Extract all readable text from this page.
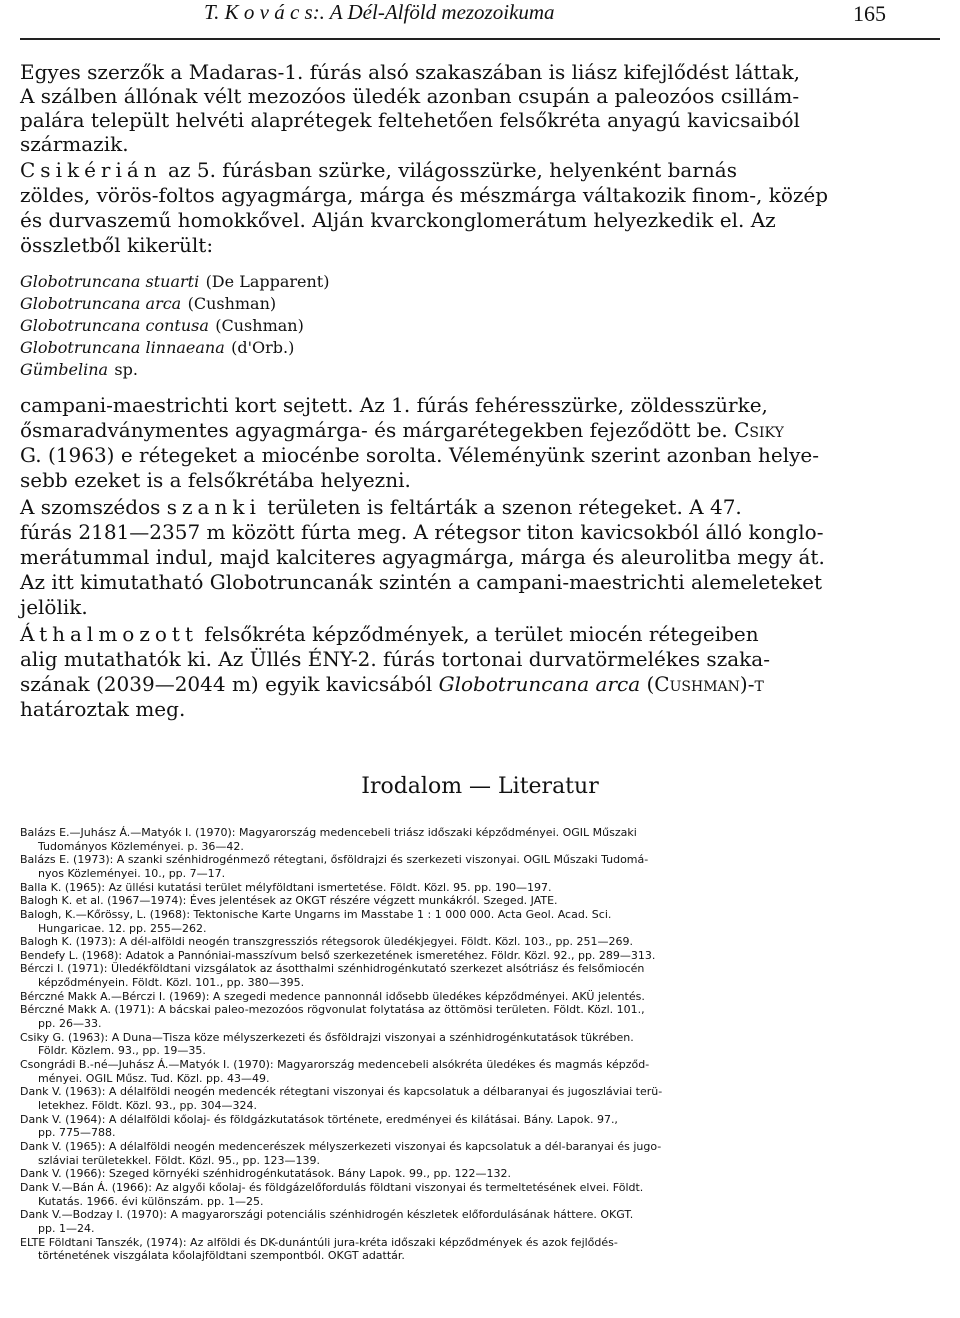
T. K o v á c s:. A Dél-Alföld mezozoikuma	165
Egyes szerzők a Madaras-1. fúrás alsó szakaszában is liász kifejlődést láttak,
A szálben állónak vélt mezozóos üledék azonban csupán a paleozóos csillám-
palára települt helvéti alaprétegek feltehetően felsőkréta anyagú kavicsaiból
származik.
Csikérián az 5. fúrásban szürke, világosszürke, helyenként barnás
zöldes, vörös-foltos agyagmárga, márga és mészmárga váltakozik finom-, közép
és durvaszemű homokkővel. Alján kvarckonglomerátum helyezkedik el. Az
összletből kikerült:
Globotruncana stuarti (De Lapparent)
Globotruncana arca (Cushman)
Globotruncana contusa (Cushman)
Globotruncana linnaeana (d'Orb.)
Gümbelina sp.
campani-maestrichti kort sejtett. Az 1. fúrás fehéresszürke, zöldesszürke,
ősmaradványmentes agyagmárga- és márgarétegekben fejeződött be. Csiky
G. (1963) e rétegeket a miocénbe sorolta. Véleményünk szerint azonban helye-
sebb ezeket is a felsőkrétába helyezni.
A szomszédos szanki területen is feltárták a szenon rétegeket. A 47.
fúrás 2181—2357 m között fúrta meg. A rétegsor titon kavicsokból álló konglo-
merátummal indul, majd kalciteres agyagmárga, márga és aleurolitba megy át.
Az itt kimutatható Globotruncanák szintén a campani-maestrichti alemeleteket
jelölik.
Áthalmozott felsőkréta képződmények, a terület miocén rétegeiben
alig mutathatók ki. Az Üllés ÉNY-2. fúrás tortonai durvatörmelékes szaka-
szának (2039—2044 m) egyik kavicsából Globotruncana arca (Cushman)-t
határoztak meg.
Irodalom — Literatur
Balázs E.—Juhász Á.—Matyók I. (1970): Magyarország medencebeli triász időszaki képződményei. OGIL Műszaki
Tudományos Közleményei. p. 36—42.
Balázs E. (1973): A szanki szénhidrogénmező rétegtani, ősföldrajzi és szerkezeti viszonyai. OGIL Műszaki Tudomá-
nyos Közleményei. 10., pp. 7—17.
Balla K. (1965): Az üllési kutatási terület mélyföldtani ismertetése. Földt. Közl. 95. pp. 190—197.
Balogh K. et al. (1967—1974): Éves jelentések az OKGT részére végzett munkákról. Szeged. JATE.
Balogh, K.—Kőrössy, L. (1968): Tektonische Karte Ungarns im Masstabe 1 : 1 000 000. Acta Geol. Acad. Sci.
Hungaricae. 12. pp. 255—262.
Balogh K. (1973): A dél-alföldi neogén transzgressziós rétegsorok üledékjegyei. Földt. Közl. 103., pp. 251—269.
Bendefy L. (1968): Adatok a Pannóniai-masszívum belső szerkezetének ismeretéhez. Földr. Közl. 92., pp. 289—313.
Bérczi I. (1971): Üledékföldtani vizsgálatok az ásotthalmi szénhidrogénkutató szerkezet alsótriász és felsőmiocén
képződményein. Földt. Közl. 101., pp. 380—395.
Bérczné Makk A.—Bérczi I. (1969): A szegedi medence pannonnál idősebb üledékes képződményei. AKÜ jelentés.
Bérczné Makk A. (1971): A bácskai paleo-mezozóos rögvonulat folytatása az öttömösi területen. Földt. Közl. 101.,
pp. 26—33.
Csiky G. (1963): A Duna—Tisza köze mélyszerkezeti és ősföldrajzi viszonyai a szénhidrogénkutatások tükrében.
Földr. Közlem. 93., pp. 19—35.
Csongrádi B.-né—Juhász Á.—Matyók I. (1970): Magyarország medencebeli alsókréta üledékes és magmás képződ-
ményei. OGIL Műsz. Tud. Közl. pp. 43—49.
Dank V. (1963): A délalföldi neogén medencék rétegtani viszonyai és kapcsolatuk a délbaranyai és jugoszláviai terü-
letekhez. Földt. Közl. 93., pp. 304—324.
Dank V. (1964): A délalföldi kőolaj- és földgázkutatások története, eredményei és kilátásai. Bány. Lapok. 97.,
pp. 775—788.
Dank V. (1965): A délalföldi neogén medencerészek mélyszerkezeti viszonyai és kapcsolatuk a dél-baranyai és jugo-
szláviai területekkel. Földt. Közl. 95., pp. 123—139.
Dank V. (1966): Szeged környéki szénhidrogénkutatások. Bány Lapok. 99., pp. 122—132.
Dank V.—Bán Á. (1966): Az algyői kőolaj- és földgázelőfordulás földtani viszonyai és termeltetésének elvei. Földt.
Kutatás. 1966. évi különszám. pp. 1—25.
Dank V.—Bodzay I. (1970): A magyarországi potenciális szénhidrogén készletek előfordulásának háttere. OKGT.
pp. 1—24.
ELTE Földtani Tanszék, (1974): Az alföldi és DK-dunántúli jura-kréta időszaki képződmények és azok fejlődés-
történetének viszgálata kőolajföldtani szempontból. OKGT adattár.
